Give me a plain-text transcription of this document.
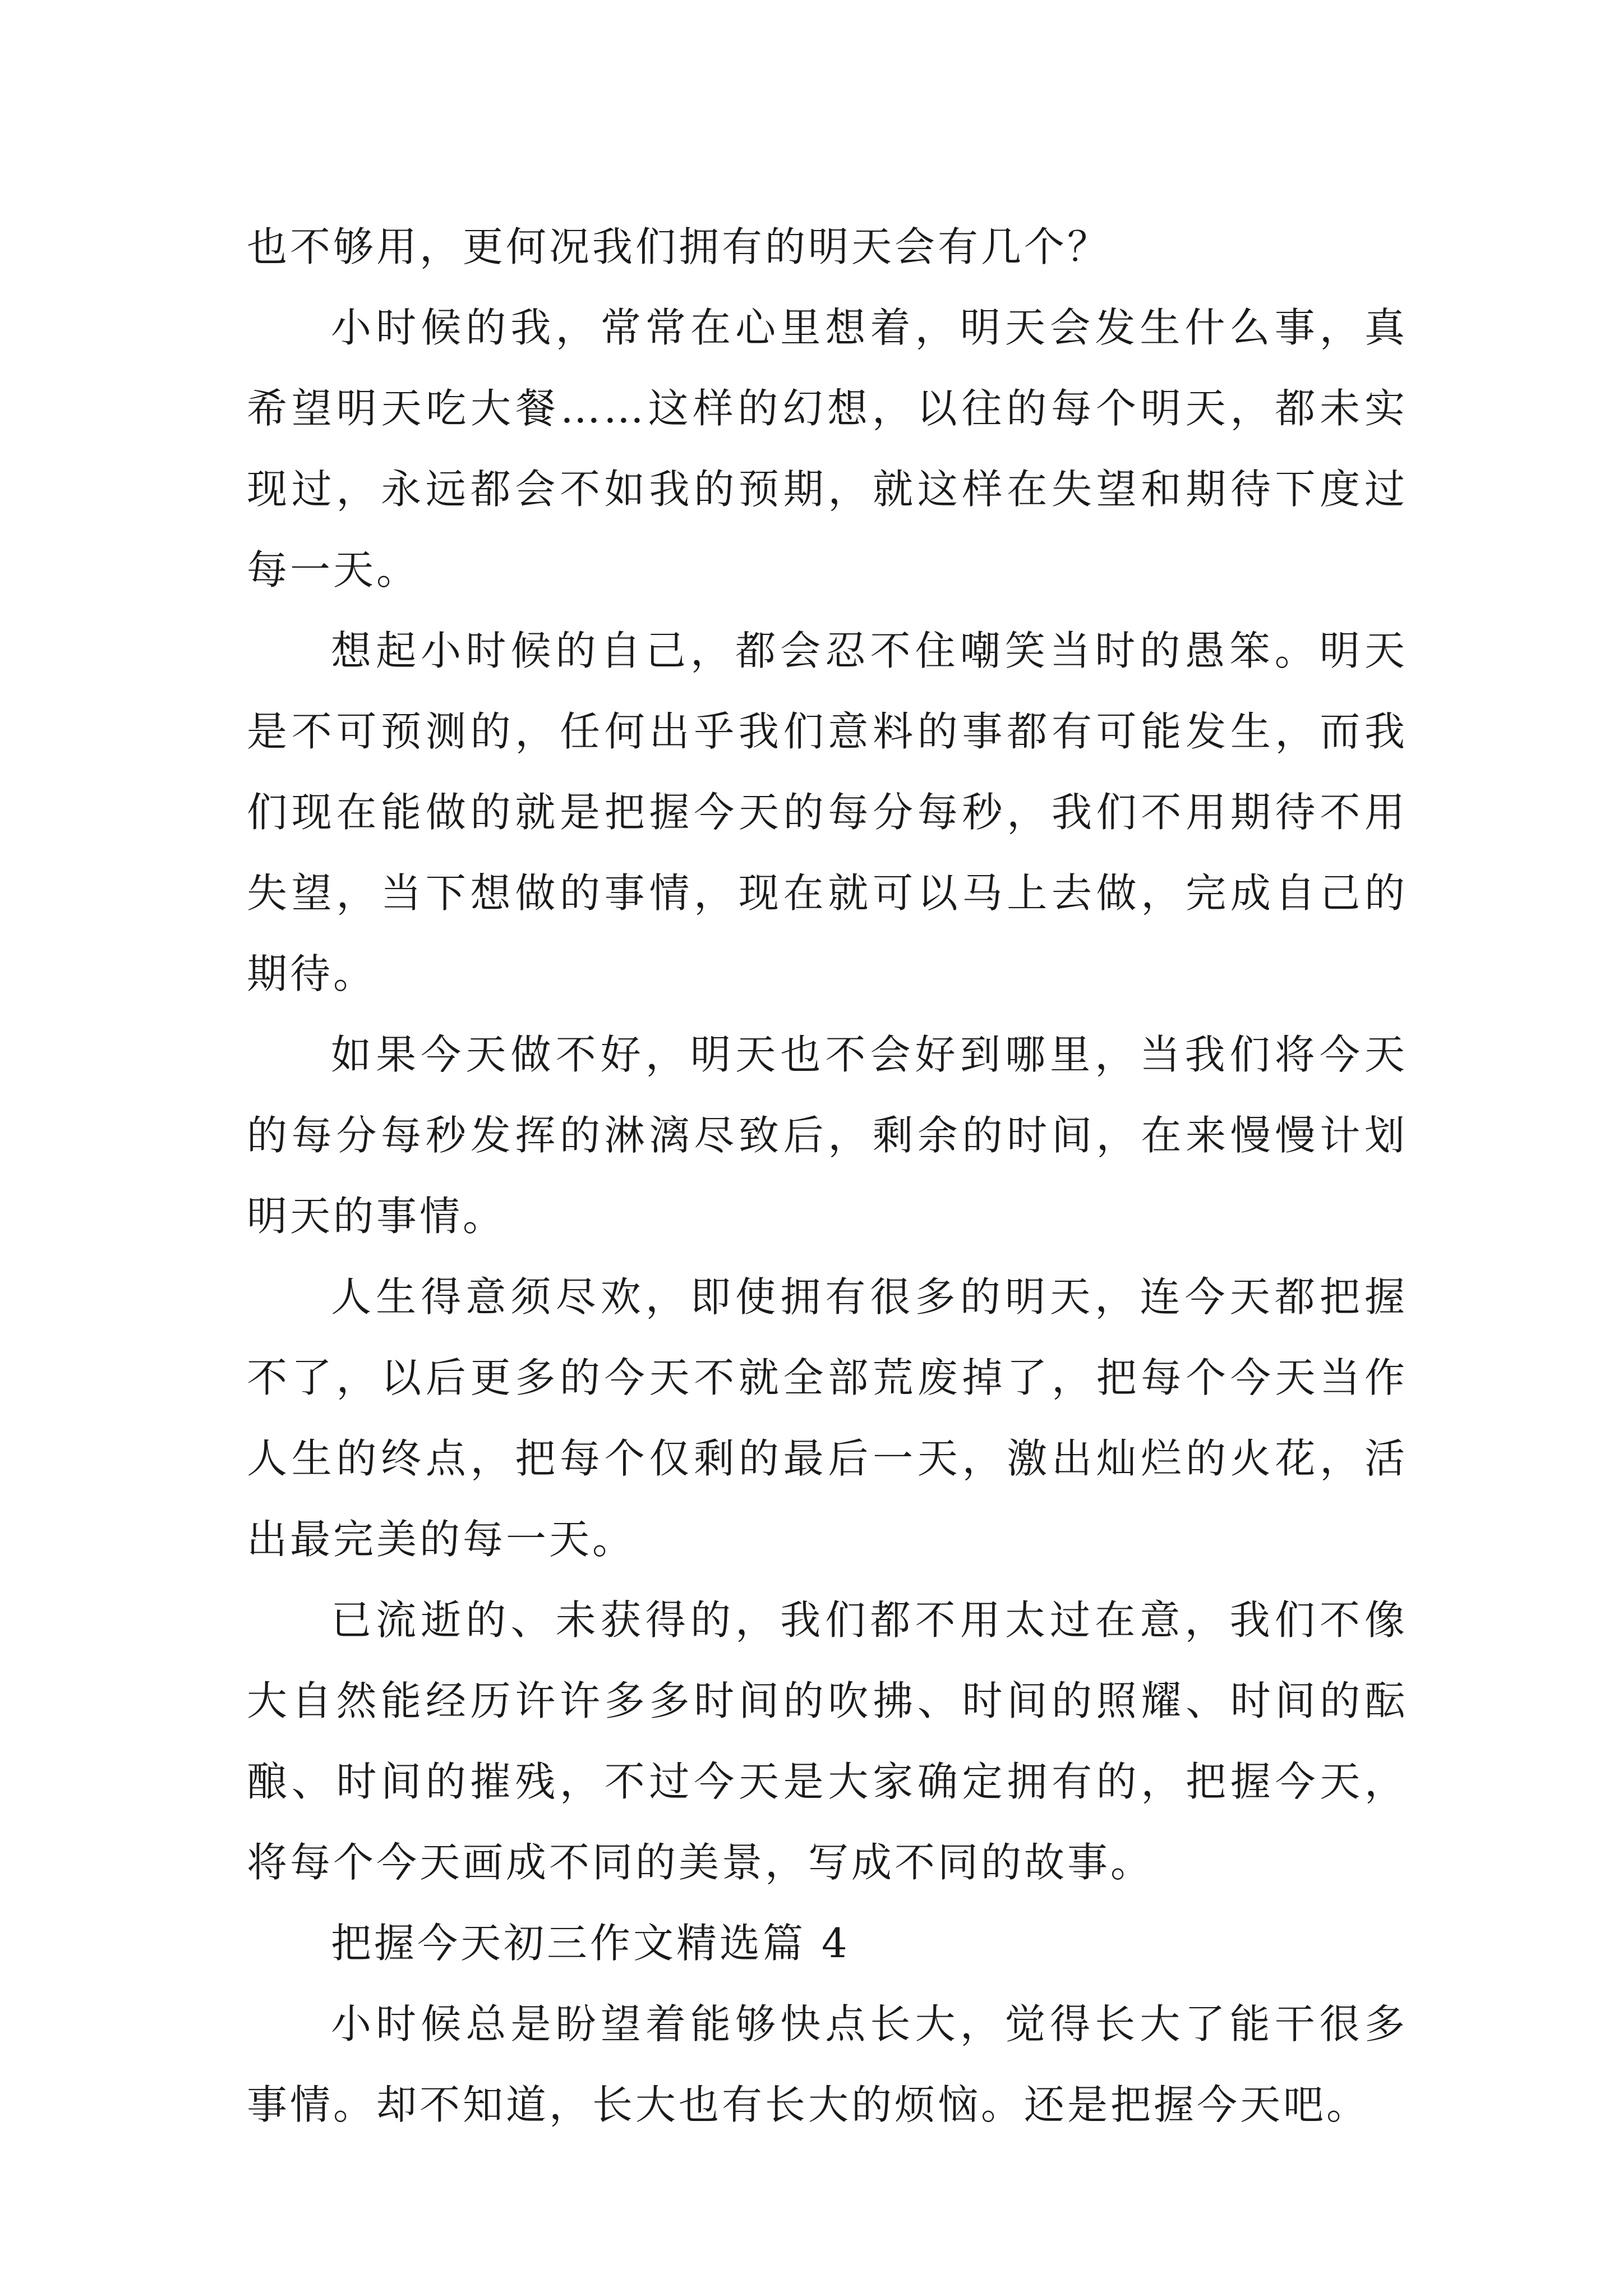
也不够用，更何况我们拥有的明天会有几个？

小时候的我，常常在心里想着，明天会发生什么事，真希望明天吃大餐……这样的幻想，以往的每个明天，都未实现过，永远都会不如我的预期，就这样在失望和期待下度过每一天。

想起小时候的自己，都会忍不住嘲笑当时的愚笨。明天是不可预测的，任何出乎我们意料的事都有可能发生，而我们现在能做的就是把握今天的每分每秒，我们不用期待不用失望，当下想做的事情，现在就可以马上去做，完成自己的期待。

如果今天做不好，明天也不会好到哪里，当我们将今天的每分每秒发挥的淋漓尽致后，剩余的时间，在来慢慢计划明天的事情。

人生得意须尽欢，即使拥有很多的明天，连今天都把握不了，以后更多的今天不就全部荒废掉了，把每个今天当作人生的终点，把每个仅剩的最后一天，激出灿烂的火花，活出最完美的每一天。

已流逝的、未获得的，我们都不用太过在意，我们不像大自然能经历许许多多时间的吹拂、时间的照耀、时间的酝酿、时间的摧残，不过今天是大家确定拥有的，把握今天，将每个今天画成不同的美景，写成不同的故事。

把握今天初三作文精选篇 4

小时候总是盼望着能够快点长大，觉得长大了能干很多事情。却不知道，长大也有长大的烦恼。还是把握今天吧。
